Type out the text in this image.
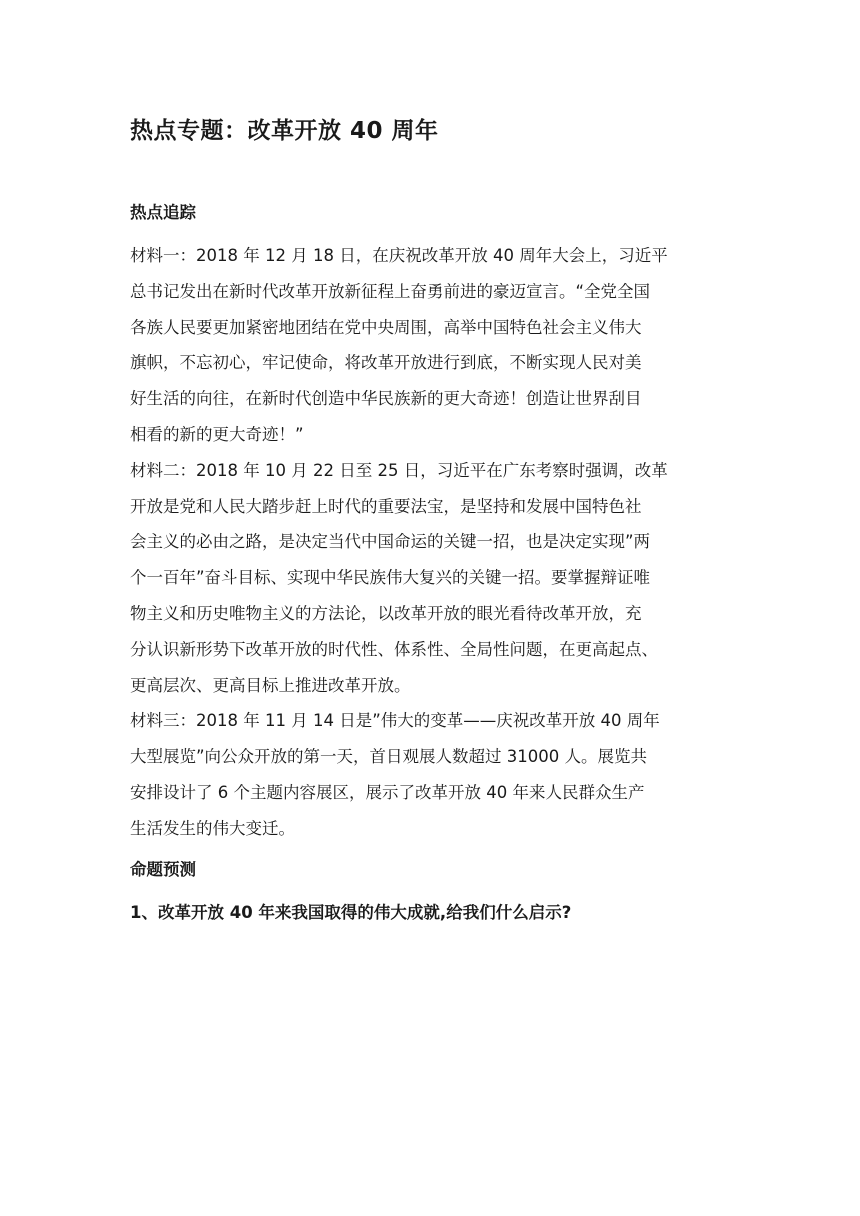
热点专题：改革开放 40 周年
热点追踪

材料一：2018 年 12 月 18 日，在庆祝改革开放 40 周年大会上，习近平
总书记发出在新时代改革开放新征程上奋勇前进的豪迈宣言。“全党全国
各族人民要更加紧密地团结在党中央周围，高举中国特色社会主义伟大
旗帜，不忘初心，牢记使命，将改革开放进行到底，不断实现人民对美
好生活的向往，在新时代创造中华民族新的更大奇迹！创造让世界刮目
相看的新的更大奇迹！”

材料二：2018 年 10 月 22 日至 25 日，习近平在广东考察时强调，改革
开放是党和人民大踏步赶上时代的重要法宝，是坚持和发展中国特色社
会主义的必由之路，是决定当代中国命运的关键一招，也是决定实现”两
个一百年”奋斗目标、实现中华民族伟大复兴的关键一招。要掌握辩证唯
物主义和历史唯物主义的方法论，以改革开放的眼光看待改革开放，充
分认识新形势下改革开放的时代性、体系性、全局性问题，在更高起点、
更高层次、更高目标上推进改革开放。

材料三：2018 年 11 月 14 日是”伟大的变革——庆祝改革开放 40 周年
大型展览”向公众开放的第一天，首日观展人数超过 31000 人。展览共
安排设计了 6 个主题内容展区，展示了改革开放 40 年来人民群众生产
生活发生的伟大变迁。

命题预测
1、改革开放 40 年来我国取得的伟大成就,给我们什么启示?
